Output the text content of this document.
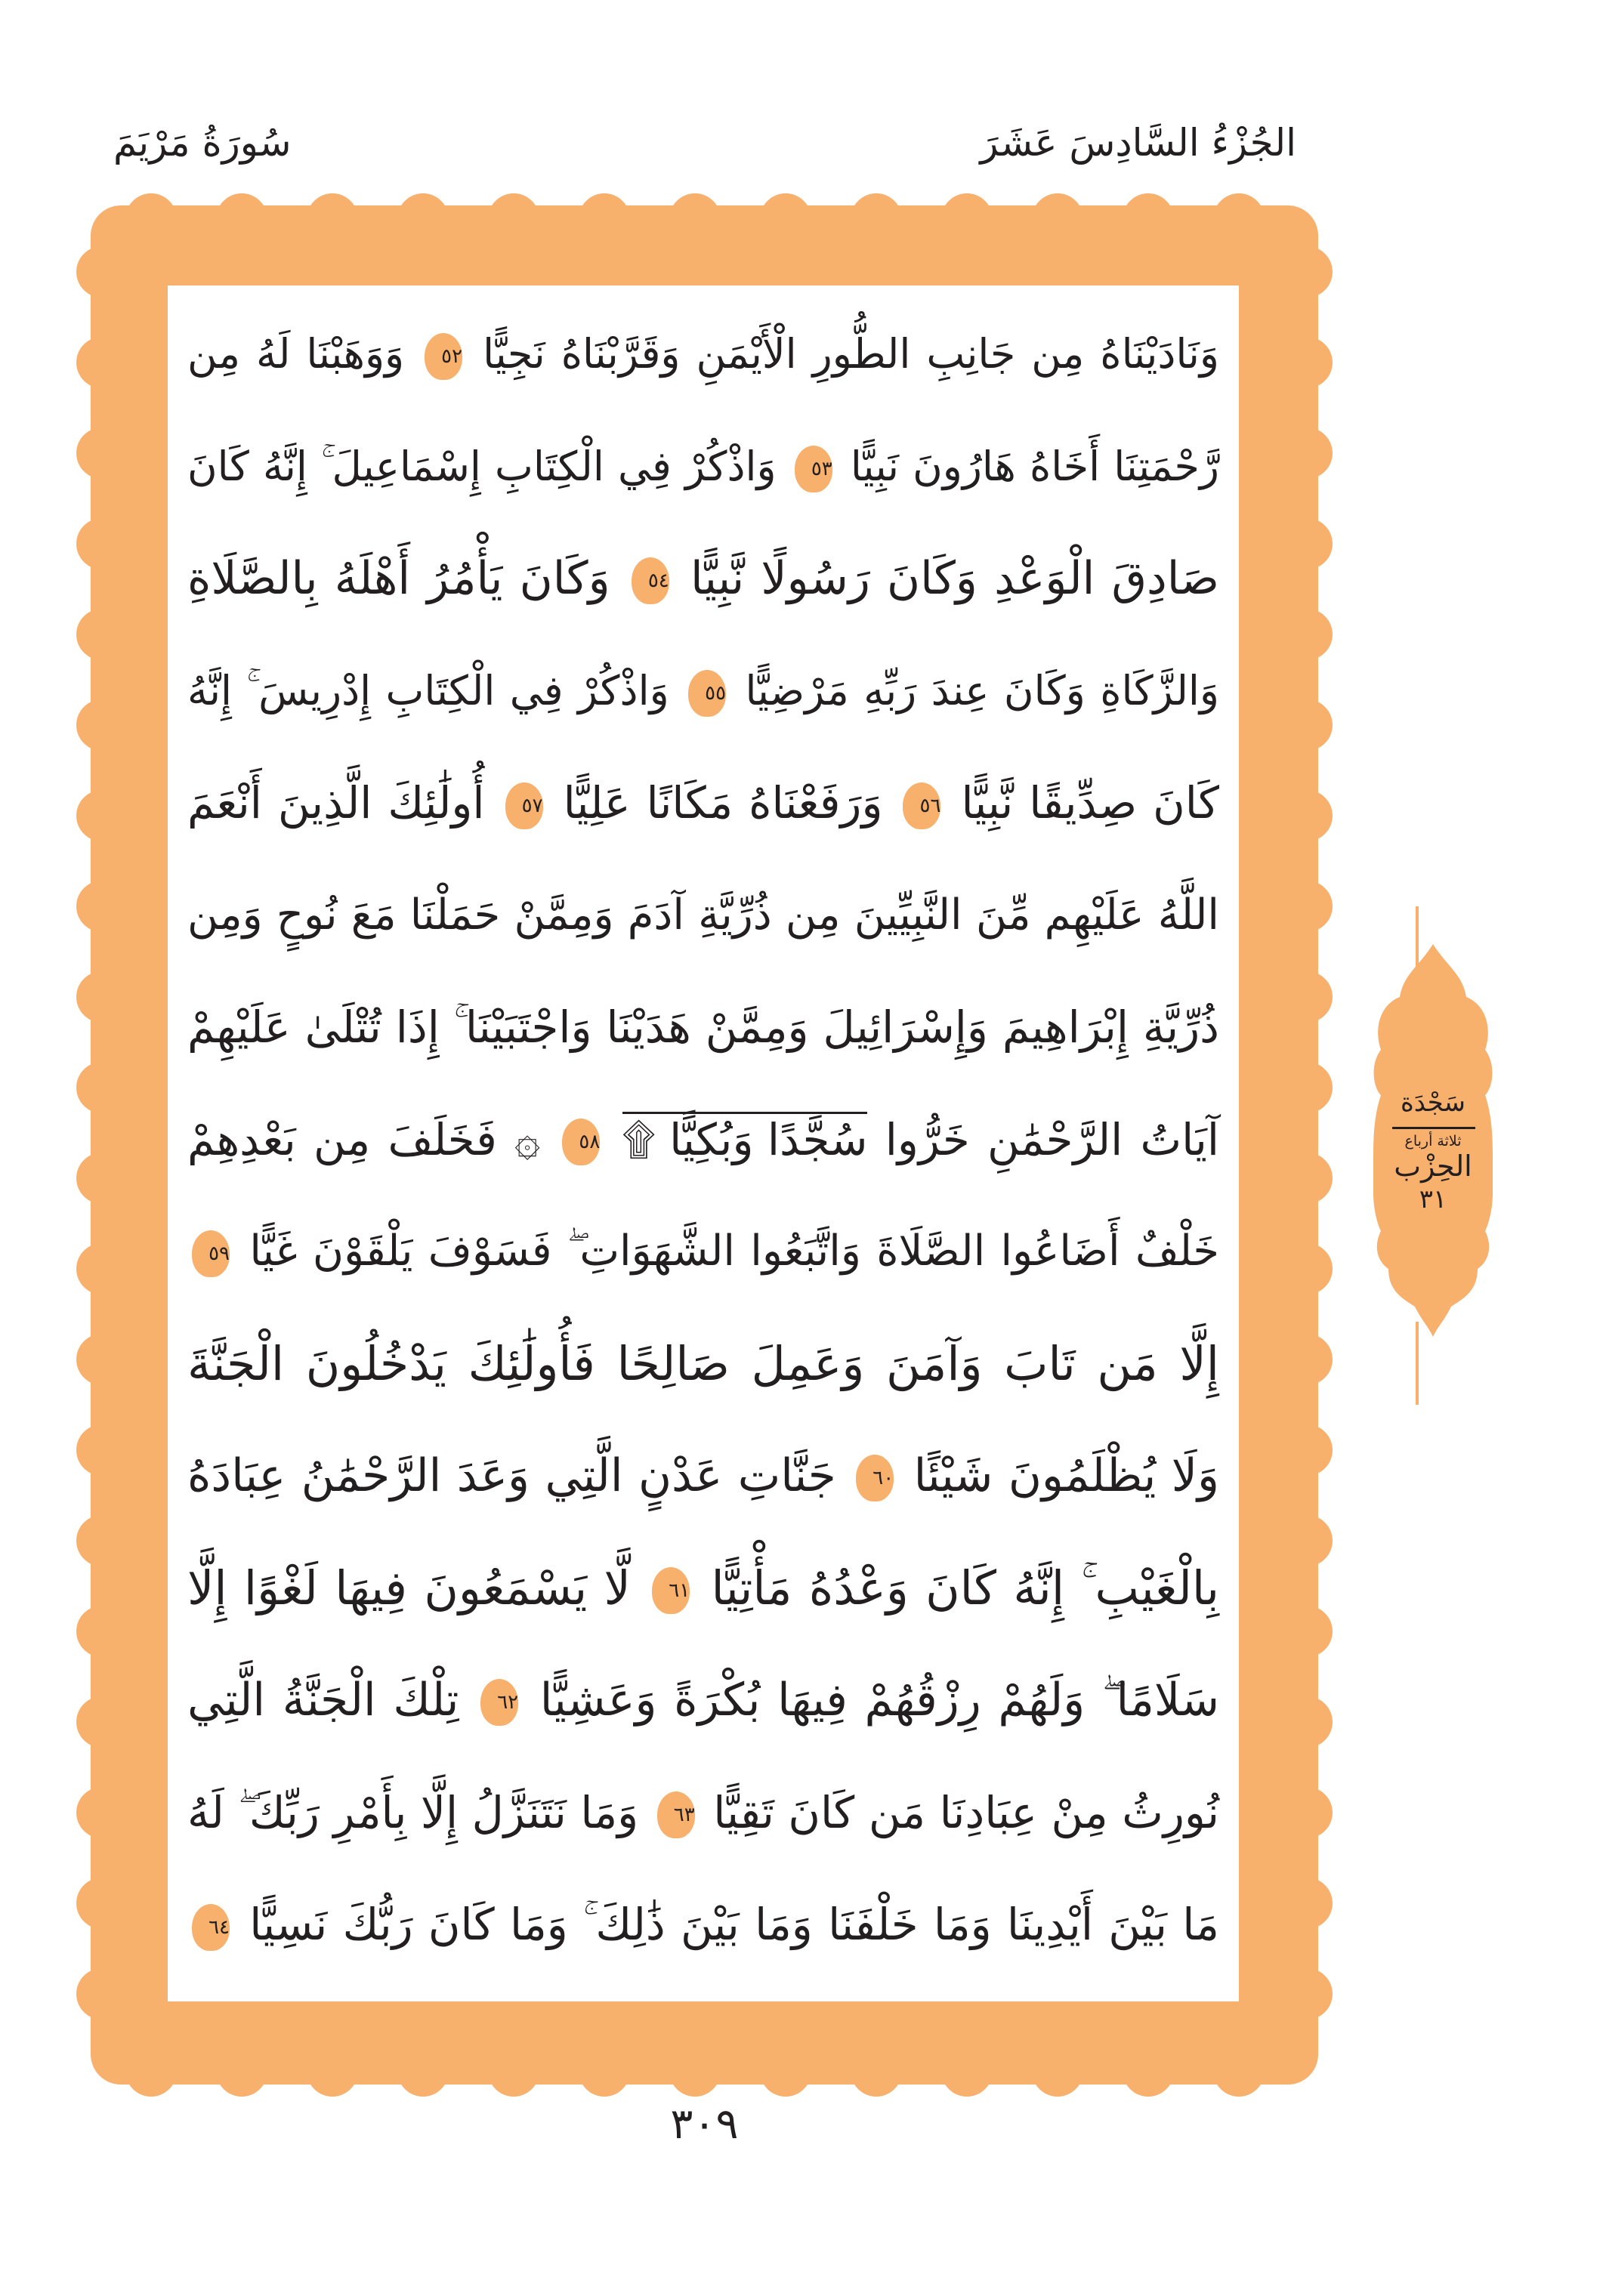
الجُزْءُ السَّادِسَ عَشَرَ
سُورَةُ مَرْيَمَ
وَنَادَيْنَاهُ مِن جَانِبِ الطُّورِ الْأَيْمَنِ وَقَرَّبْنَاهُ نَجِيًّا ٥٢ وَوَهَبْنَا لَهُ مِن
رَّحْمَتِنَا أَخَاهُ هَارُونَ نَبِيًّا ٥٣ وَاذْكُرْ فِي الْكِتَابِ إِسْمَاعِيلَ ۚ إِنَّهُ كَانَ
صَادِقَ الْوَعْدِ وَكَانَ رَسُولًا نَّبِيًّا ٥٤ وَكَانَ يَأْمُرُ أَهْلَهُ بِالصَّلَاةِ
وَالزَّكَاةِ وَكَانَ عِندَ رَبِّهِ مَرْضِيًّا ٥٥ وَاذْكُرْ فِي الْكِتَابِ إِدْرِيسَ ۚ إِنَّهُ
كَانَ صِدِّيقًا نَّبِيًّا ٥٦ وَرَفَعْنَاهُ مَكَانًا عَلِيًّا ٥٧ أُولَٰئِكَ الَّذِينَ أَنْعَمَ
اللَّهُ عَلَيْهِم مِّنَ النَّبِيِّينَ مِن ذُرِّيَّةِ آدَمَ وَمِمَّنْ حَمَلْنَا مَعَ نُوحٍ وَمِن
ذُرِّيَّةِ إِبْرَاهِيمَ وَإِسْرَائِيلَ وَمِمَّنْ هَدَيْنَا وَاجْتَبَيْنَا ۚ إِذَا تُتْلَىٰ عَلَيْهِمْ
آيَاتُ الرَّحْمَٰنِ خَرُّوا سُجَّدًا وَبُكِيًّا ۩ ٥٨ ۞ فَخَلَفَ مِن بَعْدِهِمْ
خَلْفٌ أَضَاعُوا الصَّلَاةَ وَاتَّبَعُوا الشَّهَوَاتِ ۖ فَسَوْفَ يَلْقَوْنَ غَيًّا ٥٩
إِلَّا مَن تَابَ وَآمَنَ وَعَمِلَ صَالِحًا فَأُولَٰئِكَ يَدْخُلُونَ الْجَنَّةَ
وَلَا يُظْلَمُونَ شَيْئًا ٦٠ جَنَّاتِ عَدْنٍ الَّتِي وَعَدَ الرَّحْمَٰنُ عِبَادَهُ
بِالْغَيْبِ ۚ إِنَّهُ كَانَ وَعْدُهُ مَأْتِيًّا ٦١ لَّا يَسْمَعُونَ فِيهَا لَغْوًا إِلَّا
سَلَامًا ۖ وَلَهُمْ رِزْقُهُمْ فِيهَا بُكْرَةً وَعَشِيًّا ٦٢ تِلْكَ الْجَنَّةُ الَّتِي
نُورِثُ مِنْ عِبَادِنَا مَن كَانَ تَقِيًّا ٦٣ وَمَا نَتَنَزَّلُ إِلَّا بِأَمْرِ رَبِّكَ ۖ لَهُ
مَا بَيْنَ أَيْدِينَا وَمَا خَلْفَنَا وَمَا بَيْنَ ذَٰلِكَ ۚ وَمَا كَانَ رَبُّكَ نَسِيًّا ٦٤
سَجْدَة
ثلاثة أرباع
الحِزْب
٣١
٣٠٩
